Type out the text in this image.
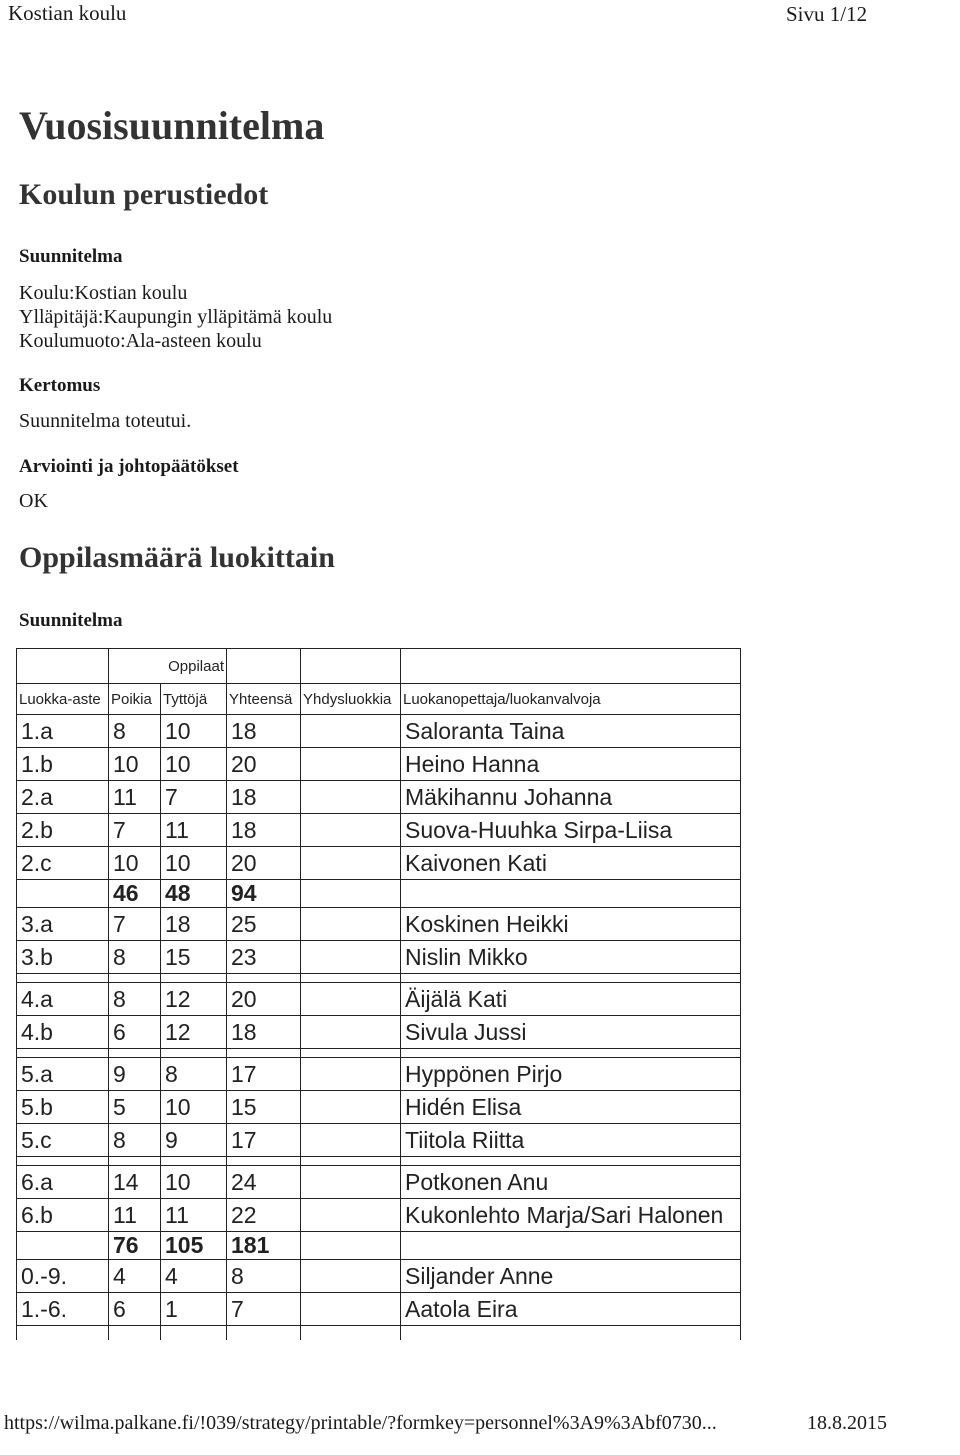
Kostian koulu	Sivu 1/12
Vuosisuunnitelma
Koulun perustiedot
Suunnitelma
Koulu:Kostian koulu
Ylläpitäjä:Kaupungin ylläpitämä koulu
Koulumuoto:Ala-asteen koulu
Kertomus
Suunnitelma toteutui.
Arviointi ja johtopäätökset
OK
Oppilasmäärä luokittain
Suunnitelma
	Oppilaat				
Luokka-aste	Poikia	Tyttöjä	Yhteensä	Yhdysluokkia	Luokanopettaja/luokanvalvoja
1.a	8	10	18		Saloranta Taina
1.b	10	10	20		Heino Hanna
2.a	11	7	18		Mäkihannu Johanna
2.b	7	11	18		Suova-Huuhka Sirpa-Liisa
2.c	10	10	20		Kaivonen Kati
	46	48	94		
3.a	7	18	25		Koskinen Heikki
3.b	8	15	23		Nislin Mikko

4.a	8	12	20		Äijälä Kati
4.b	6	12	18		Sivula Jussi

5.a	9	8	17		Hyppönen Pirjo
5.b	5	10	15		Hidén Elisa
5.c	8	9	17		Tiitola Riitta

6.a	14	10	24		Potkonen Anu
6.b	11	11	22		Kukonlehto Marja/Sari Halonen
	76	105	181		
0.-9.	4	4	8		Siljander Anne
1.-6.	6	1	7		Aatola Eira

https://wilma.palkane.fi/!039/strategy/printable/?formkey=personnel%3A9%3Abf0730...	18.8.2015
